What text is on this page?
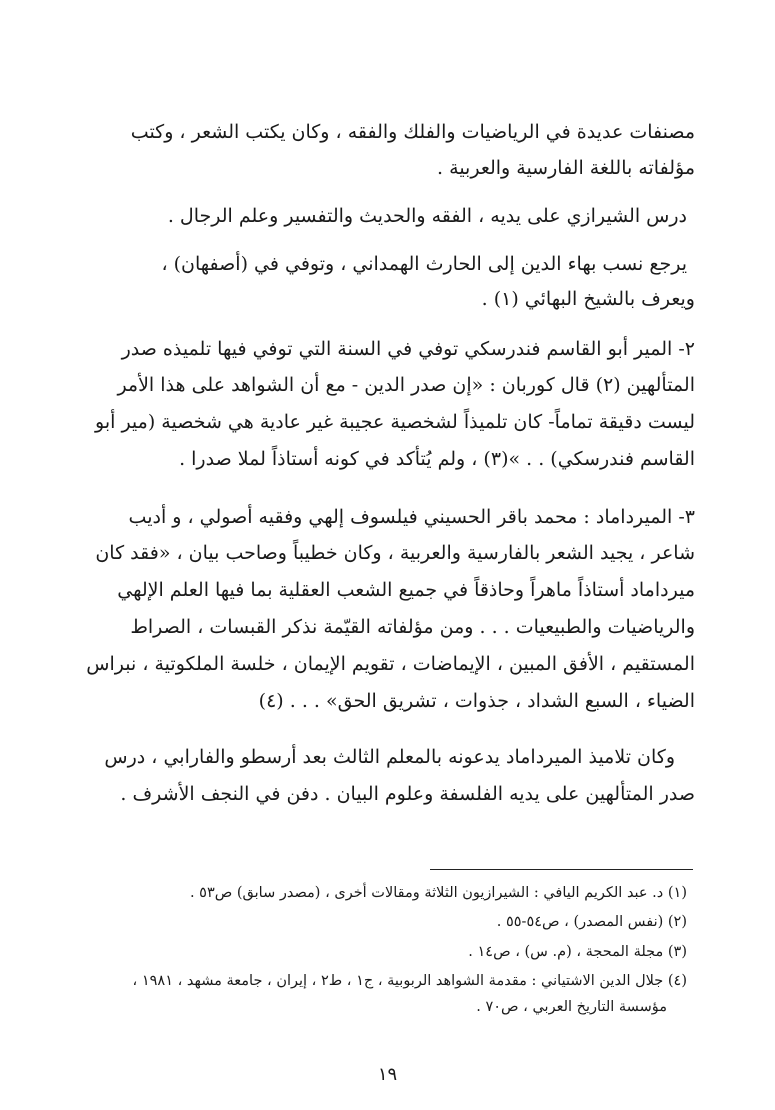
مصنفات عديدة في الرياضيات والفلك والفقه ، وكان يكتب الشعر ، وكتب
مؤلفاته باللغة الفارسية والعربية .
درس الشيرازي على يديه ، الفقه والحديث والتفسير وعلم الرجال .
يرجع نسب بهاء الدين إلى الحارث الهمداني ، وتوفي في (أصفهان) ،
ويعرف بالشيخ البهائي (١) .
٢- المير أبو القاسم فندرسكي توفي في السنة التي توفي فيها تلميذه صدر
المتألهين (٢) قال كوربان : «إن صدر الدين - مع أن الشواهد على هذا الأمر
ليست دقيقة تماماً- كان تلميذاً لشخصية عجيبة غير عادية هي شخصية (مير أبو
القاسم فندرسكي) . . »(٣) ، ولم يُتأكد في كونه أستاذاً لملا صدرا .
٣- الميرداماد : محمد باقر الحسيني فيلسوف إلهي وفقيه أصولي ، و أديب
شاعر ، يجيد الشعر بالفارسية والعربية ، وكان خطيباً وصاحب بيان ، «فقد كان
ميرداماد أستاذاً ماهراً وحاذقاً في جميع الشعب العقلية بما فيها العلم الإلهي
والرياضيات والطبيعيات . . . ومن مؤلفاته القيّمة نذكر القبسات ، الصراط
المستقيم ، الأفق المبين ، الإيماضات ، تقويم الإيمان ، خلسة الملكوتية ، نبراس
الضياء ، السبع الشداد ، جذوات ، تشريق الحق» . . . (٤)
وكان تلاميذ الميرداماد يدعونه بالمعلم الثالث بعد أرسطو والفارابي ، درس
صدر المتألهين على يديه الفلسفة وعلوم البيان . دفن في النجف الأشرف .
(١) د. عبد الكريم اليافي : الشيرازيون الثلاثة ومقالات أخرى ، (مصدر سابق) ص٥٣ .
(٢) (نفس المصدر) ، ص٥٤-٥٥ .
(٣) مجلة المحجة ، (م. س) ، ص١٤ .
(٤) جلال الدين الاشتياني : مقدمة الشواهد الربوبية ، ج١ ، ط٢ ، إيران ، جامعة مشهد ، ١٩٨١ ،
مؤسسة التاريخ العربي ، ص٧٠ .
١٩
